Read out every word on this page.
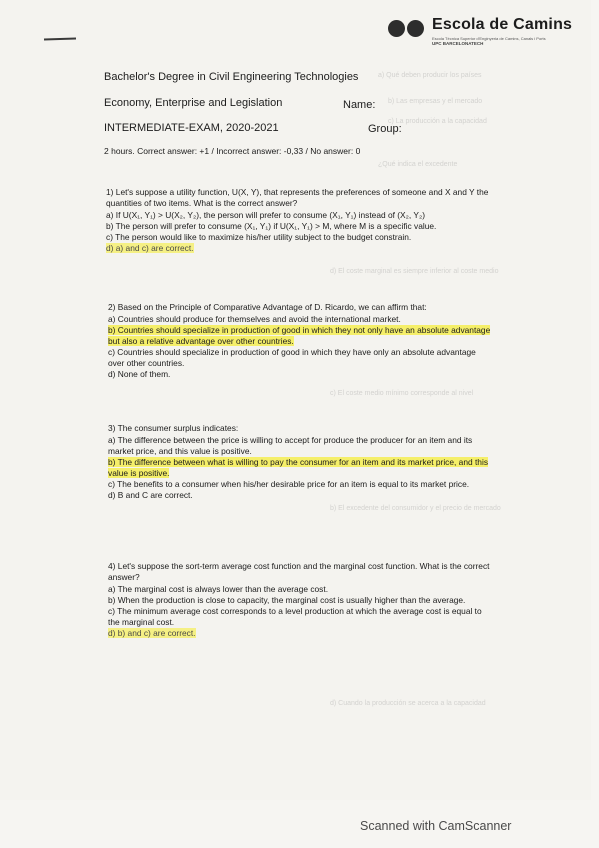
Escola de Camins
Escola Tècnica Superior d'Enginyeria de Camins, Canals i Ports
UPC BARCELONATECH
a) Qué deben producir los países
b) Las empresas y el mercado
c) La producción a la capacidad
¿Qué indica el excedente
d) El coste marginal es siempre inferior al coste medio
c) El coste medio mínimo corresponde al nivel
b) El excedente del consumidor y el precio de mercado
d) Cuando la producción se acerca a la capacidad
Bachelor's Degree in Civil Engineering Technologies
Economy, Enterprise and Legislation	Name:
INTERMEDIATE-EXAM, 2020-2021	Group:
2 hours. Correct answer: +1 / Incorrect answer: -0,33 / No answer: 0
1) Let's suppose a utility function, U(X, Y), that represents the preferences of someone and X and Y the quantities of two items. What is the correct answer?
a) If U(X₁, Y₁) > U(X₂, Y₂), the person will prefer to consume (X₁, Y₁) instead of (X₂, Y₂)
b) The person will prefer to consume (X₁, Y₁) if U(X₁, Y₁) > M, where M is a specific value.
c) The person would like to maximize his/her utility subject to the budget constrain.
d) a) and c) are correct.
2) Based on the Principle of Comparative Advantage of D. Ricardo, we can affirm that:
a) Countries should produce for themselves and avoid the international market.
b) Countries should specialize in production of good in which they not only have an absolute advantage but also a relative advantage over other countries.
c) Countries should specialize in production of good in which they have only an absolute advantage over other countries.
d) None of them.
3) The consumer surplus indicates:
a) The difference between the price is willing to accept for produce the producer for an item and its market price, and this value is positive.
b) The difference between what is willing to pay the consumer for an item and its market price, and this value is positive.
c) The benefits to a consumer when his/her desirable price for an item is equal to its market price.
d) B and C are correct.
4) Let's suppose the sort-term average cost function and the marginal cost function. What is the correct answer?
a) The marginal cost is always lower than the average cost.
b) When the production is close to capacity, the marginal cost is usually higher than the average.
c) The minimum average cost corresponds to a level production at which the average cost is equal to the marginal cost.
d) b) and c) are correct.
Scanned with CamScanner
